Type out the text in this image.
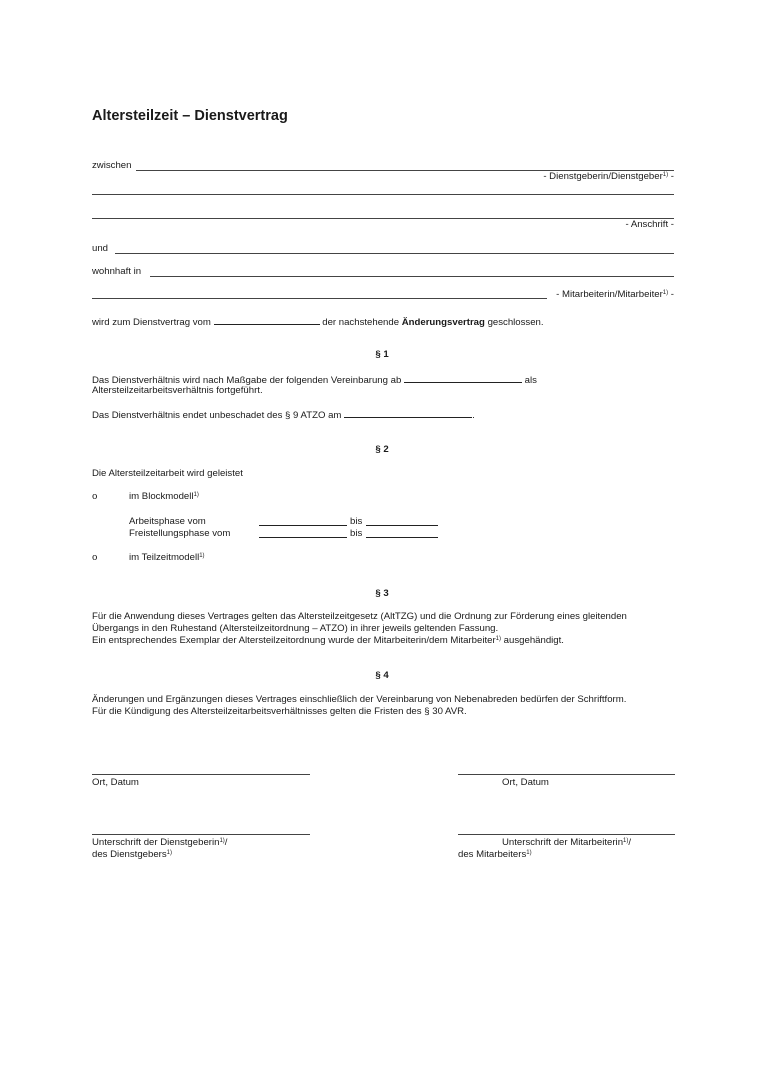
Altersteilzeit – Dienstvertrag
zwischen
- Dienstgeberin/Dienstgeber$^{1)}$ -
- Anschrift -
und
wohnhaft in
- Mitarbeiterin/Mitarbeiter$^{1)}$ -
wird zum Dienstvertrag vom	der nachstehende Änderungsvertrag geschlossen.
§ 1
Das Dienstverhältnis wird nach Maßgabe der folgenden Vereinbarung ab	als
Altersteilzeitarbeitsverhältnis fortgeführt.
Das Dienstverhältnis endet unbeschadet des § 9 ATZO am	.
§ 2
Die Altersteilzeitarbeit wird geleistet
o	im Blockmodell$^{1)}$
Arbeitsphase vom	bis
Freistellungsphase vom	bis
o	im Teilzeitmodell$^{1)}$
§ 3
Für die Anwendung dieses Vertrages gelten das Altersteilzeitgesetz (AltTZG) und die Ordnung zur Förderung eines gleitenden
Übergangs in den Ruhestand (Altersteilzeitordnung – ATZO) in ihrer jeweils geltenden Fassung.
Ein entsprechendes Exemplar der Altersteilzeitordnung wurde der Mitarbeiterin/dem Mitarbeiter$^{1)}$ ausgehändigt.
§ 4
Änderungen und Ergänzungen dieses Vertrages einschließlich der Vereinbarung von Nebenabreden bedürfen der Schriftform.
Für die Kündigung des Altersteilzeitarbeitsverhältnisses gelten die Fristen des § 30 AVR.
Ort, Datum	Ort, Datum
Unterschrift der Dienstgeberin$^{1)}$/
des Dienstgebers$^{1)}$
Unterschrift der Mitarbeiterin$^{1)}$/
des Mitarbeiters$^{1)}$
